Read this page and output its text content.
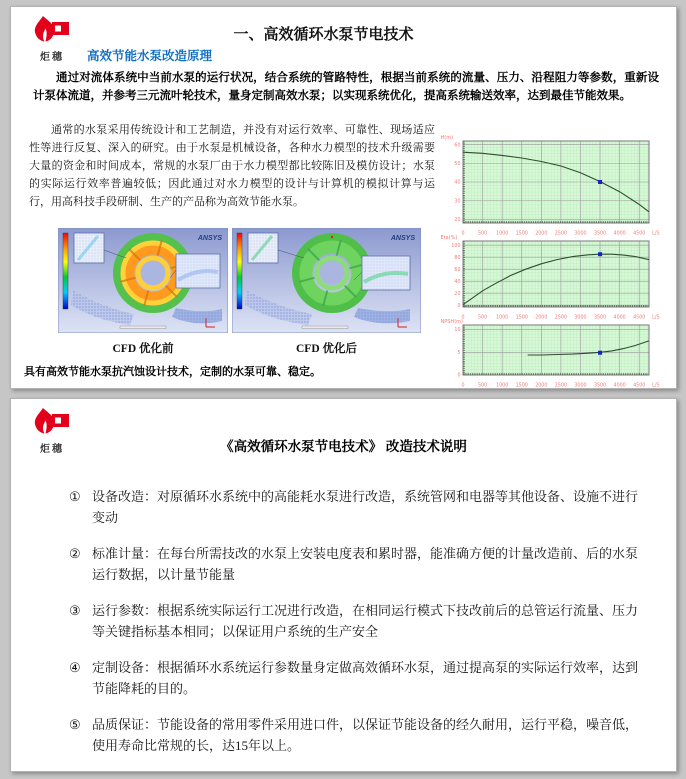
炬穗
一、高效循环水泵节电技术
高效节能水泵改造原理

通过对流体系统中当前水泵的运行状况，结合系统的管路特性，根据当前系统的流量、压力、沿程阻力等参数，重新设计泵体流道，并参考三元流叶轮技术，量身定制高效水泵；以实现系统优化，提高系统输送效率，达到最佳节能效果。

通常的水泵采用传统设计和工艺制造，并没有对运行效率、可靠性、现场适应性等进行反复、深入的研究。由于水泵是机械设备，各种水力模型的技术升级需要大量的资金和时间成本，常规的水泵厂由于水力模型都比较陈旧及模仿设计；水泵的实际运行效率普遍较低；因此通过对水力模型的设计与计算机的模拟计算与运行，用高科技手段研制、生产的产品称为高效节能水泵。

ANSYS	ANSYS
CFD 优化前	CFD 优化后
0	500 1000 1500 2000 2500 3000 3500 4000 4500
20
30
40
50
60
H(m)
L/S
0	500 1000 1500 2000 2500 3000 3500 4000 4500
0
20
40
60
80
100
Eta(%)
L/S
0	500 1000 1500 2000 2500 3000 3500 4000 4500
0
5
10
NPSH(m)
L/S

具有高效节能水泵抗汽蚀设计技术，定制的水泵可靠、稳定。

炬穗	《高效循环水泵节电技术》 改造技术说明
① 设备改造：对原循环水系统中的高能耗水泵进行改造，系统管网和电器等其他设备、设施不进行变动
② 标准计量：在每台所需技改的水泵上安装电度表和累时器，能准确方便的计量改造前、后的水泵运行数据，以计量节能量
③ 运行参数：根据系统实际运行工况进行改造，在相同运行模式下技改前后的总管运行流量、压力等关键指标基本相同；以保证用户系统的生产安全
④ 定制设备：根据循环水系统运行参数量身定做高效循环水泵，通过提高泵的实际运行效率，达到节能降耗的目的。
⑤ 品质保证：节能设备的常用零件采用进口件，以保证节能设备的经久耐用，运行平稳，噪音低，使用寿命比常规的长，达15年以上。
